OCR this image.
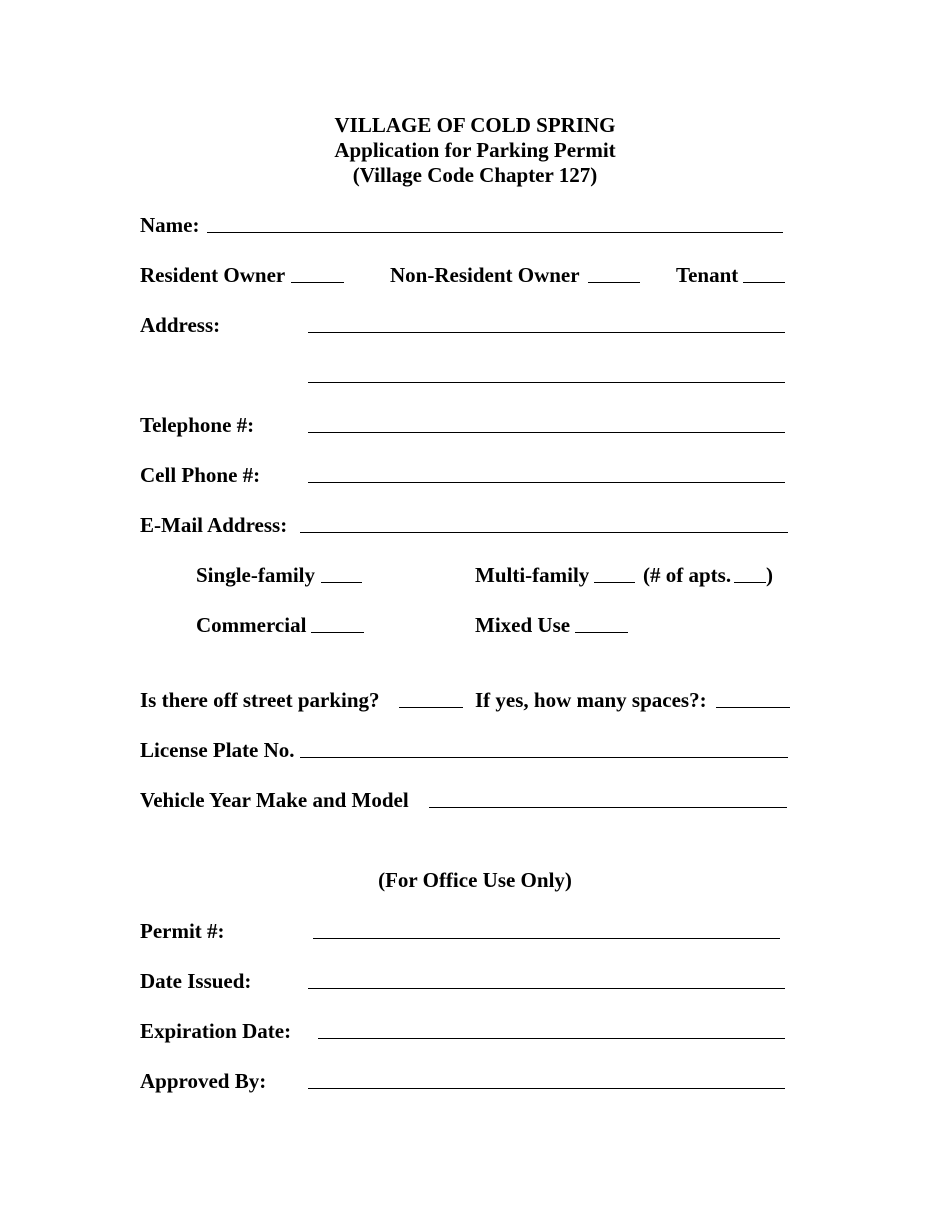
VILLAGE OF COLD SPRING
Application for Parking Permit
(Village Code Chapter 127)
Name:
Resident Owner	Non-Resident Owner	Tenant
Address:
Telephone #:
Cell Phone #:
E-Mail Address:
Single-family	Multi-family	(# of apts. )
Commercial	Mixed Use
Is there off street parking?	If yes, how many spaces?:
License Plate No.
Vehicle Year Make and Model
(For Office Use Only)
Permit #:
Date Issued:
Expiration Date:
Approved By:
